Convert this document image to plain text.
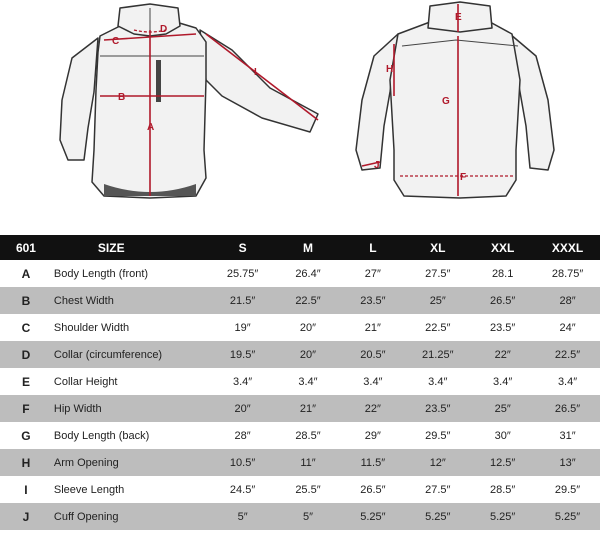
C
D
B
A
I
E
G
H
F
J
601	SIZE	S	M	L	XL	XXL	XXXL
A	Body Length (front)	25.75″	26.4″	27″	27.5″	28.1	28.75″
B	Chest Width	21.5″	22.5″	23.5″	25″	26.5″	28″
C	Shoulder Width	19″	20″	21″	22.5″	23.5″	24″
D	Collar (circumference)	19.5″	20″	20.5″	21.25″	22″	22.5″
E	Collar Height	3.4″	3.4″	3.4″	3.4″	3.4″	3.4″
F	Hip Width	20″	21″	22″	23.5″	25″	26.5″
G	Body Length (back)	28″	28.5″	29″	29.5″	30″	31″
H	Arm Opening	10.5″	11″	11.5″	12″	12.5″	13″
I	Sleeve Length	24.5″	25.5″	26.5″	27.5″	28.5″	29.5″
J	Cuff Opening	5″	5″	5.25″	5.25″	5.25″	5.25″
